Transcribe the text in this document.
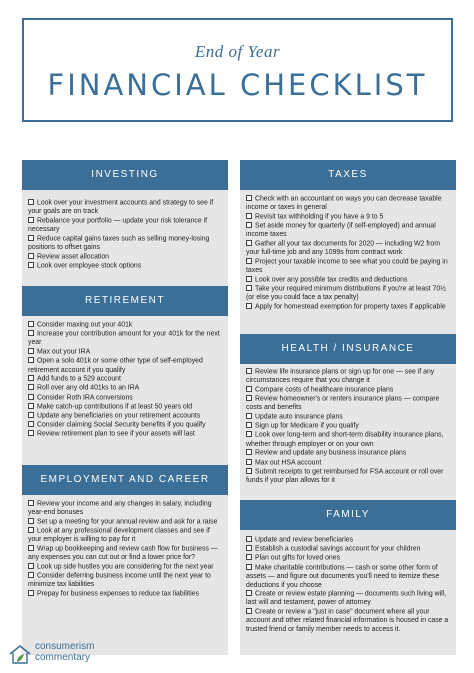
End of Year
FINANCIAL CHECKLIST
INVESTING
Look over your investment accounts and strategy to see if your goals are on track
Rebalance your portfolio — update your risk tolerance if necessary
Reduce capital gains taxes such as selling money-losing positions to offset gains
Review asset allocation
Look over employee stock options
RETIREMENT
Consider maxing out your 401k
Increase your contribution amount for your 401k for the next year
Max out your IRA
Open a solo 401k or some other type of self-employed retirement account if you qualify
Add funds to a 529 account
Roll over any old 401ks to an IRA
Consider Roth IRA conversions
Make catch-up contributions if at least 50 years old
Update any beneficiaries on your retirement accounts
Consider claiming Social Security benefits if you qualify
Review retirement plan to see if your assets will last
EMPLOYMENT AND CAREER
Review your income and any changes in salary, including year-end bonuses
Set up a meeting for your annual review and ask for a raise
Look at any professional development classes and see if your employer is willing to pay for it
Wrap up bookkeeping and review cash flow for business — any expenses you can cut out or find a lower price for?
Look up side hustles you are considering for the next year
Consider deferring business income until the next year to minimize tax liabilities
Prepay for business expenses to reduce tax liabilities
TAXES
Check with an accountant on ways you can decrease taxable income or taxes in general
Revisit tax withholding if you have a 9 to 5
Set aside money for quarterly (if self-employed) and annual income taxes
Gather all your tax documents for 2020 — including W2 from your full-time job and any 1099s from contract work
Project your taxable income to see what you could be paying in taxes
Look over any possible tax credits and deductions
Take your required minimum distributions if you're at least 70½ (or else you could face a tax penalty)
Apply for homestead exemption for property taxes if applicable
HEALTH / INSURANCE
Review life insurance plans or sign up for one — see if any circumstances require that you change it
Compare costs of healthcare insurance plans
Review homeowner's or renters insurance plans — compare costs and benefits
Update auto insurance plans
Sign up for Medicare if you qualify
Look over long-term and short-term disability insurance plans, whether through employer or on your own
Review and update any business insurance plans
Max out HSA account
Submit receipts to get reimbursed for FSA account or roll over funds if your plan allows for it
FAMILY
Update and review beneficiaries
Establish a custodial savings account for your children
Plan out gifts for loved ones
Make charitable contributions — cash or some other form of assets — and figure out documents you'll need to itemize these deductions if you choose
Create or review estate planning — documents such living will, last will and testament, power of attorney
Create or review a "just in case" document where all your account and other related financial information is housed in case a trusted friend or family member needs to access it.
consumerism
commentary
